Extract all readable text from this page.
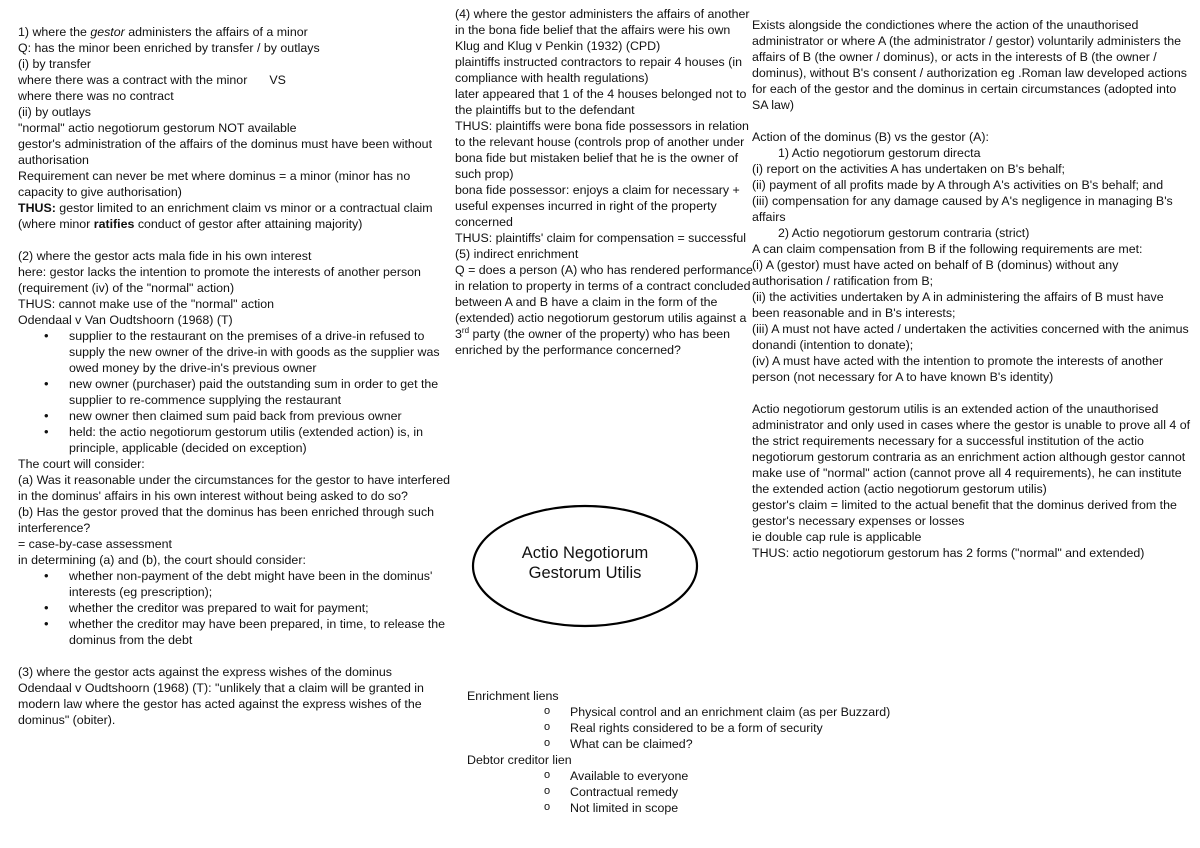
1) where the gestor administers the affairs of a minor
Q: has the minor been enriched by transfer / by outlays
(i) by transfer
where there was a contract with the minor VS
where there was no contract
(ii) by outlays
"normal" actio negotiorum gestorum NOT available
gestor's administration of the affairs of the dominus must have been without authorisation
Requirement can never be met where dominus = a minor (minor has no capacity to give authorisation)
THUS: gestor limited to an enrichment claim vs minor or a contractual claim (where minor ratifies conduct of gestor after attaining majority)
(2) where the gestor acts mala fide in his own interest
here: gestor lacks the intention to promote the interests of another person (requirement (iv) of the "normal" action)
THUS: cannot make use of the "normal" action
Odendaal v Van Oudtshoorn (1968) (T)
• supplier to the restaurant on the premises of a drive-in refused to supply the new owner of the drive-in with goods as the supplier was owed money by the drive-in's previous owner
• new owner (purchaser) paid the outstanding sum in order to get the supplier to re-commence supplying the restaurant
• new owner then claimed sum paid back from previous owner
• held: the actio negotiorum gestorum utilis (extended action) is, in principle, applicable (decided on exception)
The court will consider:
(a) Was it reasonable under the circumstances for the gestor to have interfered in the dominus' affairs in his own interest without being asked to do so?
(b) Has the gestor proved that the dominus has been enriched through such interference?
= case-by-case assessment
in determining (a) and (b), the court should consider:
• whether non-payment of the debt might have been in the dominus' interests (eg prescription);
• whether the creditor was prepared to wait for payment;
• whether the creditor may have been prepared, in time, to release the dominus from the debt
(3) where the gestor acts against the express wishes of the dominus
Odendaal v Oudtshoorn (1968) (T): "unlikely that a claim will be granted in modern law where the gestor has acted against the express wishes of the dominus" (obiter).
(4) where the gestor administers the affairs of another in the bona fide belief that the affairs were his own
Klug and Klug v Penkin (1932) (CPD)
plaintiffs instructed contractors to repair 4 houses (in compliance with health regulations)
later appeared that 1 of the 4 houses belonged not to the plaintiffs but to the defendant
THUS: plaintiffs were bona fide possessors in relation to the relevant house (controls prop of another under bona fide but mistaken belief that he is the owner of such prop)
bona fide possessor: enjoys a claim for necessary + useful expenses incurred in right of the property concerned
THUS: plaintiffs' claim for compensation = successful
(5) indirect enrichment
Q = does a person (A) who has rendered performance in relation to property in terms of a contract concluded between A and B have a claim in the form of the (extended) actio negotiorum gestorum utilis against a 3rd party (the owner of the property) who has been enriched by the performance concerned?
Actio Negotiorum
Gestorum Utilis
Exists alongside the condictiones where the action of the unauthorised administrator or where A (the administrator / gestor) voluntarily administers the affairs of B (the owner / dominus), or acts in the interests of B (the owner / dominus), without B's consent / authorization eg .Roman law developed actions for each of the gestor and the dominus in certain circumstances (adopted into SA law)
Action of the dominus (B) vs the gestor (A):
1) Actio negotiorum gestorum directa
(i) report on the activities A has undertaken on B's behalf;
(ii) payment of all profits made by A through A's activities on B's behalf; and
(iii) compensation for any damage caused by A's negligence in managing B's affairs
2) Actio negotiorum gestorum contraria (strict)
A can claim compensation from B if the following requirements are met:
(i) A (gestor) must have acted on behalf of B (dominus) without any authorisation / ratification from B;
(ii) the activities undertaken by A in administering the affairs of B must have been reasonable and in B's interests;
(iii) A must not have acted / undertaken the activities concerned with the animus donandi (intention to donate);
(iv) A must have acted with the intention to promote the interests of another person (not necessary for A to have known B's identity)
Actio negotiorum gestorum utilis is an extended action of the unauthorised administrator and only used in cases where the gestor is unable to prove all 4 of the strict requirements necessary for a successful institution of the actio negotiorum gestorum contraria as an enrichment action although gestor cannot make use of "normal" action (cannot prove all 4 requirements), he can institute the extended action (actio negotiorum gestorum utilis)
gestor's claim = limited to the actual benefit that the dominus derived from the gestor's necessary expenses or losses
ie double cap rule is applicable
THUS: actio negotiorum gestorum has 2 forms ("normal" and extended)
Enrichment liens
o Physical control and an enrichment claim (as per Buzzard)
o Real rights considered to be a form of security
o What can be claimed?
Debtor creditor lien
o Available to everyone
o Contractual remedy
o Not limited in scope
